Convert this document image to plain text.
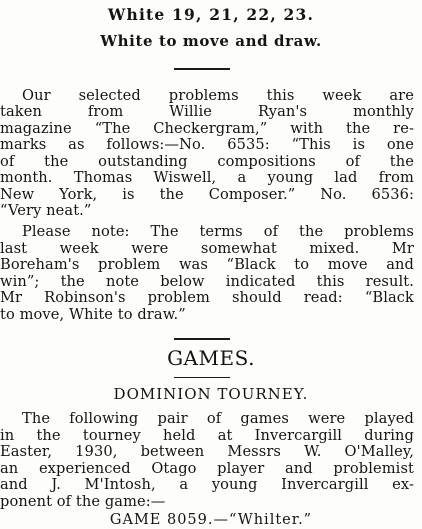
White 19, 21, 22, 23.
White to move and draw.
Our selected problems this week are
taken from Willie Ryan's monthly
magazine “The Checkergram,” with the re-
marks as follows:—No. 6535: “This is one
of the outstanding compositions of the
month. Thomas Wiswell, a young lad from
New York, is the Composer.” No. 6536:
“Very neat.”
Please note: The terms of the problems
last week were somewhat mixed. Mr
Boreham's problem was “Black to move and
win”; the note below indicated this result.
Mr Robinson's problem should read: “Black
to move, White to draw.”
GAMES.
DOMINION TOURNEY.
The following pair of games were played
in the tourney held at Invercargill during
Easter, 1930, between Messrs W. O'Malley,
an experienced Otago player and problemist
and J. M'Intosh, a young Invercargill ex-
ponent of the game:—
GAME 8059.—“Whilter.”
